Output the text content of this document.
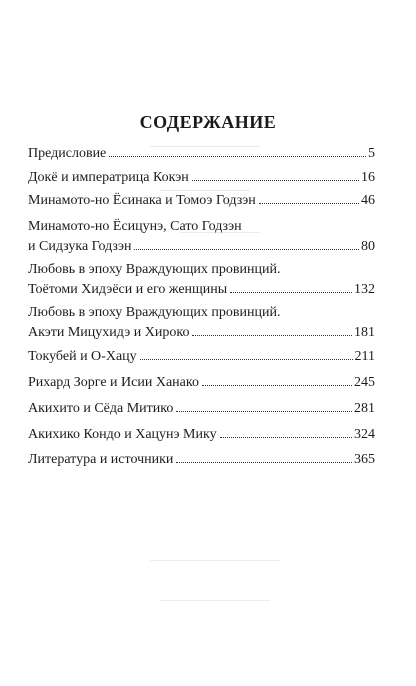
СОДЕРЖАНИЕ
Предисловие	5
Докё и императрица Кокэн	16
Минамото-но Ёсинака и Томоэ Годзэн	46
Минамото-но Ёсицунэ, Сато Годзэн
и Сидзука Годзэн	80
Любовь в эпоху Враждующих провинций.
Тоётоми Хидэёси и его женщины	132
Любовь в эпоху Враждующих провинций.
Акэти Мицухидэ и Хироко	181
Токубей и О-Хацу	211
Рихард Зорге и Исии Ханако	245
Акихито и Сёда Митико	281
Акихико Кондо и Хацунэ Мику	324
Литература и источники	365
